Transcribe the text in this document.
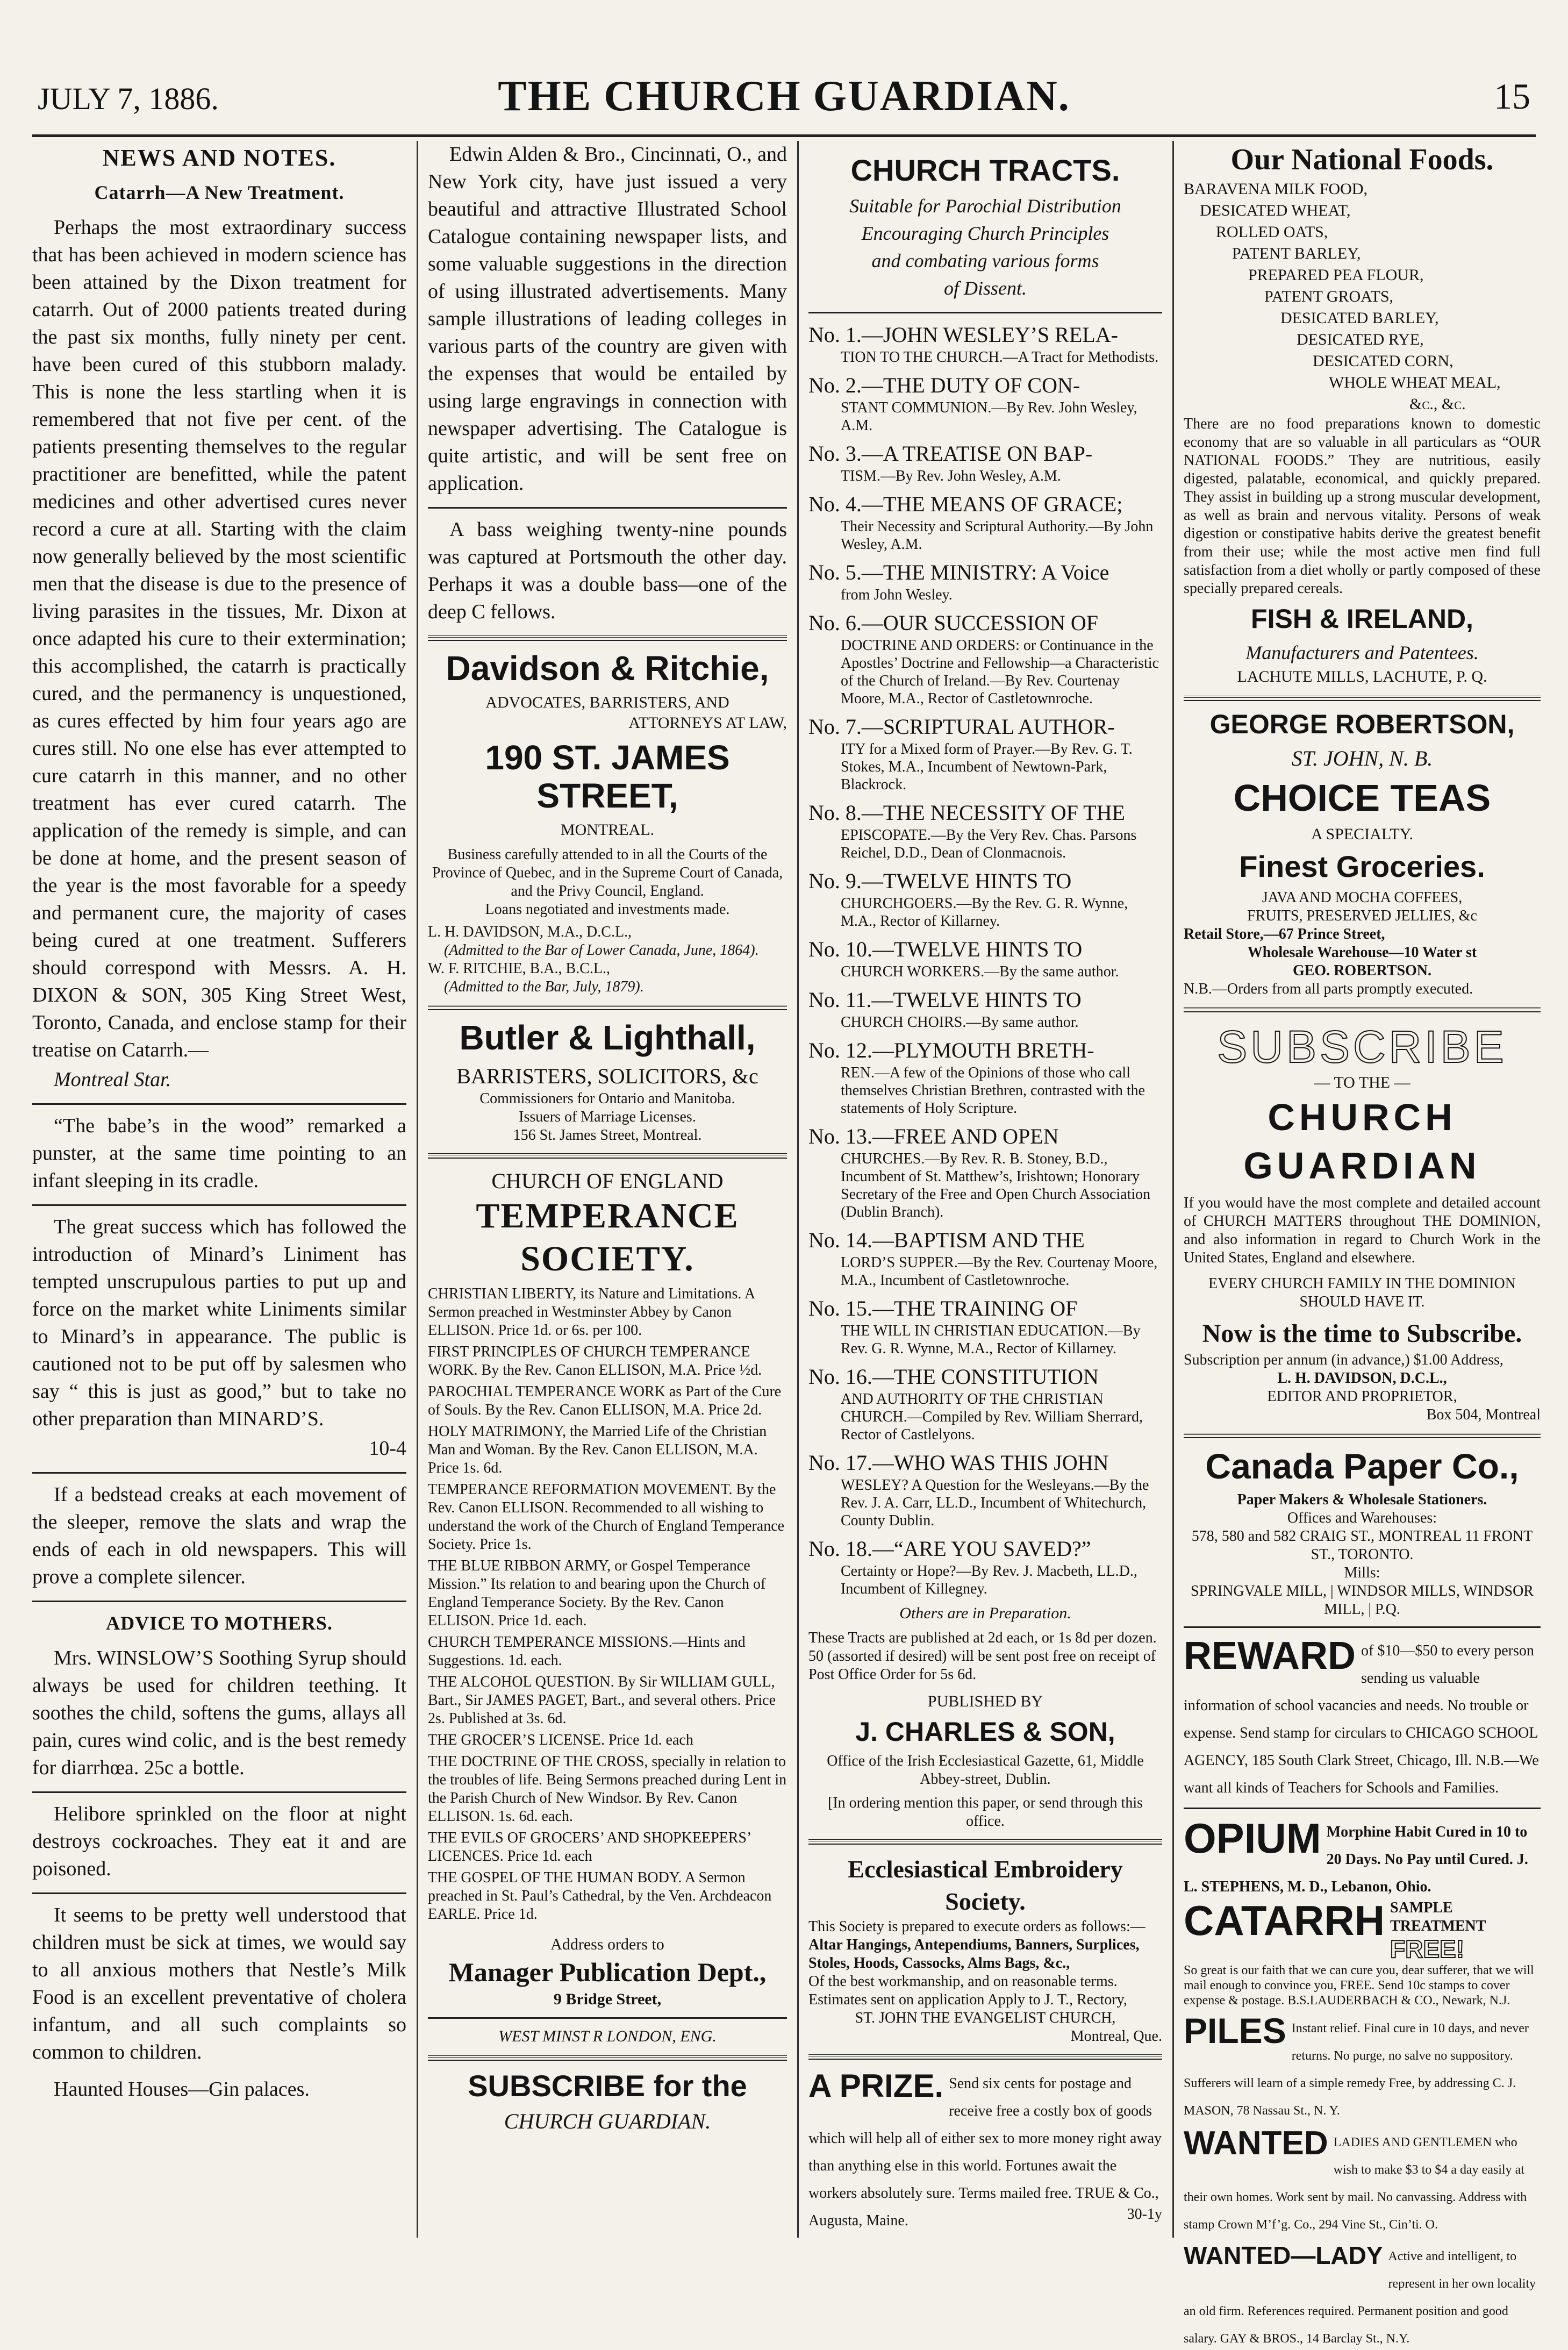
JULY 7, 1886.	THE CHURCH GUARDIAN.	15
NEWS AND NOTES.
Catarrh—A New Treatment.

Perhaps the most extraordinary success that has been achieved in modern science has been attained by the Dixon treatment for catarrh. Out of 2000 patients treated during the past six months, fully ninety per cent. have been cured of this stubborn malady. This is none the less startling when it is remembered that not five per cent. of the patients presenting themselves to the regular practitioner are benefitted, while the patent medicines and other advertised cures never record a cure at all. Starting with the claim now generally believed by the most scientific men that the disease is due to the presence of living parasites in the tissues, Mr. Dixon at once adapted his cure to their extermination; this accomplished, the catarrh is practically cured, and the permanency is unquestioned, as cures effected by him four years ago are cures still. No one else has ever attempted to cure catarrh in this manner, and no other treatment has ever cured catarrh. The application of the remedy is simple, and can be done at home, and the present season of the year is the most favorable for a speedy and permanent cure, the majority of cases being cured at one treatment. Sufferers should correspond with Messrs. A. H. DIXON & SON, 305 King Street West, Toronto, Canada, and enclose stamp for their treatise on Catarrh.—

Montreal Star.

“The babe’s in the wood” remarked a punster, at the same time pointing to an infant sleeping in its cradle.

The great success which has followed the introduction of Minard’s Liniment has tempted unscrupulous parties to put up and force on the market white Liniments similar to Minard’s in appearance. The public is cautioned not to be put off by salesmen who say “ this is just as good,” but to take no other preparation than MINARD’S.

10-4

If a bedstead creaks at each movement of the sleeper, remove the slats and wrap the ends of each in old newspapers. This will prove a complete silencer.

ADVICE TO MOTHERS.

Mrs. WINSLOW’S Soothing Syrup should always be used for children teething. It soothes the child, softens the gums, allays all pain, cures wind colic, and is the best remedy for diarrhœa. 25c a bottle.

Helibore sprinkled on the floor at night destroys cockroaches. They eat it and are poisoned.

It seems to be pretty well understood that children must be sick at times, we would say to all anxious mothers that Nestle’s Milk Food is an excellent preventative of cholera infantum, and all such complaints so common to children.

Haunted Houses—Gin palaces.

Edwin Alden & Bro., Cincinnati, O., and New York city, have just issued a very beautiful and attractive Illustrated School Catalogue containing newspaper lists, and some valuable suggestions in the direction of using illustrated advertisements. Many sample illustrations of leading colleges in various parts of the country are given with the expenses that would be entailed by using large engravings in connection with newspaper advertising. The Catalogue is quite artistic, and will be sent free on application.

A bass weighing twenty-nine pounds was captured at Portsmouth the other day. Perhaps it was a double bass—one of the deep C fellows.

Davidson & Ritchie,
ADVOCATES, BARRISTERS, AND
ATTORNEYS AT LAW,
190 ST. JAMES STREET,
MONTREAL.
Business carefully attended to in all the Courts of the Province of Quebec, and in the Supreme Court of Canada, and the Privy Council, England.
Loans negotiated and investments made.
L. H. DAVIDSON, M.A., D.C.L.,
(Admitted to the Bar of Lower Canada, June, 1864).
W. F. RITCHIE, B.A., B.C.L.,
(Admitted to the Bar, July, 1879).
Butler & Lighthall,
BARRISTERS, SOLICITORS, &c
Commissioners for Ontario and Manitoba.
Issuers of Marriage Licenses.
156 St. James Street, Montreal.
CHURCH OF ENGLAND
TEMPERANCE SOCIETY.
CHRISTIAN LIBERTY, its Nature and Limitations. A Sermon preached in Westminster Abbey by Canon ELLISON. Price 1d. or 6s. per 100.
FIRST PRINCIPLES OF CHURCH TEMPERANCE WORK. By the Rev. Canon ELLISON, M.A. Price ½d.
PAROCHIAL TEMPERANCE WORK as Part of the Cure of Souls. By the Rev. Canon ELLISON, M.A. Price 2d.
HOLY MATRIMONY, the Married Life of the Christian Man and Woman. By the Rev. Canon ELLISON, M.A. Price 1s. 6d.
TEMPERANCE REFORMATION MOVEMENT. By the Rev. Canon ELLISON. Recommended to all wishing to understand the work of the Church of England Temperance Society. Price 1s.
THE BLUE RIBBON ARMY, or Gospel Temperance Mission.” Its relation to and bearing upon the Church of England Temperance Society. By the Rev. Canon ELLISON. Price 1d. each.
CHURCH TEMPERANCE MISSIONS.—Hints and Suggestions. 1d. each.
THE ALCOHOL QUESTION. By Sir WILLIAM GULL, Bart., Sir JAMES PAGET, Bart., and several others. Price 2s. Published at 3s. 6d.
THE GROCER’S LICENSE. Price 1d. each
THE DOCTRINE OF THE CROSS, specially in relation to the troubles of life. Being Sermons preached during Lent in the Parish Church of New Windsor. By Rev. Canon ELLISON. 1s. 6d. each.
THE EVILS OF GROCERS’ AND SHOPKEEPERS’ LICENCES. Price 1d. each
THE GOSPEL OF THE HUMAN BODY. A Sermon preached in St. Paul’s Cathedral, by the Ven. Archdeacon EARLE. Price 1d.
Address orders to
Manager Publication Dept.,
9 Bridge Street,
WEST MINST R LONDON, ENG.
SUBSCRIBE for the
CHURCH GUARDIAN.
CHURCH TRACTS.
Suitable for Parochial Distribution
Encouraging Church Principles
and combating various forms
of Dissent.
No. 1.—JOHN WESLEY’S RELA-
TION TO THE CHURCH.—A Tract for Methodists.
No. 2.—THE DUTY OF CON-
STANT COMMUNION.—By Rev. John Wesley, A.M.
No. 3.—A TREATISE ON BAP-
TISM.—By Rev. John Wesley, A.M.
No. 4.—THE MEANS OF GRACE;
Their Necessity and Scriptural Authority.—By John Wesley, A.M.
No. 5.—THE MINISTRY: A Voice
from John Wesley.
No. 6.—OUR SUCCESSION OF
DOCTRINE AND ORDERS: or Continuance in the Apostles’ Doctrine and Fellowship—a Characteristic of the Church of Ireland.—By Rev. Courtenay Moore, M.A., Rector of Castletownroche.
No. 7.—SCRIPTURAL AUTHOR-
ITY for a Mixed form of Prayer.—By Rev. G. T. Stokes, M.A., Incumbent of Newtown-Park, Blackrock.
No. 8.—THE NECESSITY OF THE
EPISCOPATE.—By the Very Rev. Chas. Parsons Reichel, D.D., Dean of Clonmacnois.
No. 9.—TWELVE HINTS TO
CHURCHGOERS.—By the Rev. G. R. Wynne, M.A., Rector of Killarney.
No. 10.—TWELVE HINTS TO
CHURCH WORKERS.—By the same author.
No. 11.—TWELVE HINTS TO
CHURCH CHOIRS.—By same author.
No. 12.—PLYMOUTH BRETH-
REN.—A few of the Opinions of those who call themselves Christian Brethren, contrasted with the statements of Holy Scripture.
No. 13.—FREE AND OPEN
CHURCHES.—By Rev. R. B. Stoney, B.D., Incumbent of St. Matthew’s, Irishtown; Honorary Secretary of the Free and Open Church Association (Dublin Branch).
No. 14.—BAPTISM AND THE
LORD’S SUPPER.—By the Rev. Courtenay Moore, M.A., Incumbent of Castletownroche.
No. 15.—THE TRAINING OF
THE WILL IN CHRISTIAN EDUCATION.—By Rev. G. R. Wynne, M.A., Rector of Killarney.
No. 16.—THE CONSTITUTION
AND AUTHORITY OF THE CHRISTIAN CHURCH.—Compiled by Rev. William Sherrard, Rector of Castlelyons.
No. 17.—WHO WAS THIS JOHN
WESLEY? A Question for the Wesleyans.—By the Rev. J. A. Carr, LL.D., Incumbent of Whitechurch, County Dublin.
No. 18.—“ARE YOU SAVED?”
Certainty or Hope?—By Rev. J. Macbeth, LL.D., Incumbent of Killegney.
Others are in Preparation.
These Tracts are published at 2d each, or 1s 8d per dozen. 50 (assorted if desired) will be sent post free on receipt of Post Office Order for 5s 6d.
PUBLISHED BY
J. CHARLES & SON,
Office of the Irish Ecclesiastical Gazette, 61, Middle Abbey-street, Dublin.
[In ordering mention this paper, or send through this office.
Ecclesiastical Embroidery Society.
This Society is prepared to execute orders as follows:—
Altar Hangings, Antependiums, Banners, Surplices, Stoles, Hoods, Cassocks, Alms Bags, &c.,
Of the best workmanship, and on reasonable terms. Estimates sent on application Apply to J. T., Rectory,
ST. JOHN THE EVANGELIST CHURCH,
Montreal, Que.
A PRIZE. Send six cents for postage and receive free a costly box of goods which will help all of either sex to more money right away than anything else in this world. Fortunes await the workers absolutely sure. Terms mailed free. TRUE & Co., Augusta, Maine.	30-1y
Our National Foods.
BARAVENA MILK FOOD,
DESICATED WHEAT,
ROLLED OATS,
PATENT BARLEY,
PREPARED PEA FLOUR,
PATENT GROATS,
DESICATED BARLEY,
DESICATED RYE,
DESICATED CORN,
WHOLE WHEAT MEAL,
&c., &c.
There are no food preparations known to domestic economy that are so valuable in all particulars as “OUR NATIONAL FOODS.” They are nutritious, easily digested, palatable, economical, and quickly prepared. They assist in building up a strong muscular development, as well as brain and nervous vitality. Persons of weak digestion or constipative habits derive the greatest benefit from their use; while the most active men find full satisfaction from a diet wholly or partly composed of these specially prepared cereals.
FISH & IRELAND,
Manufacturers and Patentees.
LACHUTE MILLS, LACHUTE, P. Q.
GEORGE ROBERTSON,
ST. JOHN, N. B.
CHOICE TEAS
A SPECIALTY.
Finest Groceries.
JAVA AND MOCHA COFFEES,
FRUITS, PRESERVED JELLIES, &c
Retail Store,—67 Prince Street,
Wholesale Warehouse—10 Water st
GEO. ROBERTSON.
N.B.—Orders from all parts promptly executed.
SUBSCRIBE
— TO THE —
CHURCH GUARDIAN
If you would have the most complete and detailed account of CHURCH MATTERS throughout THE DOMINION, and also information in regard to Church Work in the United States, England and elsewhere.
EVERY CHURCH FAMILY IN THE DOMINION SHOULD HAVE IT.
Now is the time to Subscribe.
Subscription per annum (in advance,) $1.00 Address,
L. H. DAVIDSON, D.C.L.,
EDITOR AND PROPRIETOR,
Box 504, Montreal
Canada Paper Co.,
Paper Makers & Wholesale Stationers.
Offices and Warehouses:
578, 580 and 582 CRAIG ST., MONTREAL 11 FRONT ST., TORONTO.
Mills:
SPRINGVALE MILL, | WINDSOR MILLS, WINDSOR MILL, | P.Q.
REWARD of $10—$50 to every person sending us valuable information of school vacancies and needs. No trouble or expense. Send stamp for circulars to CHICAGO SCHOOL AGENCY, 185 South Clark Street, Chicago, Ill. N.B.—We want all kinds of Teachers for Schools and Families.
OPIUM Morphine Habit Cured in 10 to 20 Days. No Pay until Cured. J. L. STEPHENS, M. D., Lebanon, Ohio.
CATARRH SAMPLE TREATMENT
FREE!
So great is our faith that we can cure you, dear sufferer, that we will mail enough to convince you, FREE. Send 10c stamps to cover expense & postage. B.S.LAUDERBACH & CO., Newark, N.J.
PILES Instant relief. Final cure in 10 days, and never returns. No purge, no salve no suppository. Sufferers will learn of a simple remedy Free, by addressing C. J. MASON, 78 Nassau St., N. Y.
WANTED LADIES AND GENTLEMEN who wish to make $3 to $4 a day easily at their own homes. Work sent by mail. No canvassing. Address with stamp Crown M’f’g. Co., 294 Vine St., Cin’ti. O.
WANTED—LADY Active and intelligent, to represent in her own locality an old firm. References required. Permanent position and good salary. GAY & BROS., 14 Barclay St., N.Y.
